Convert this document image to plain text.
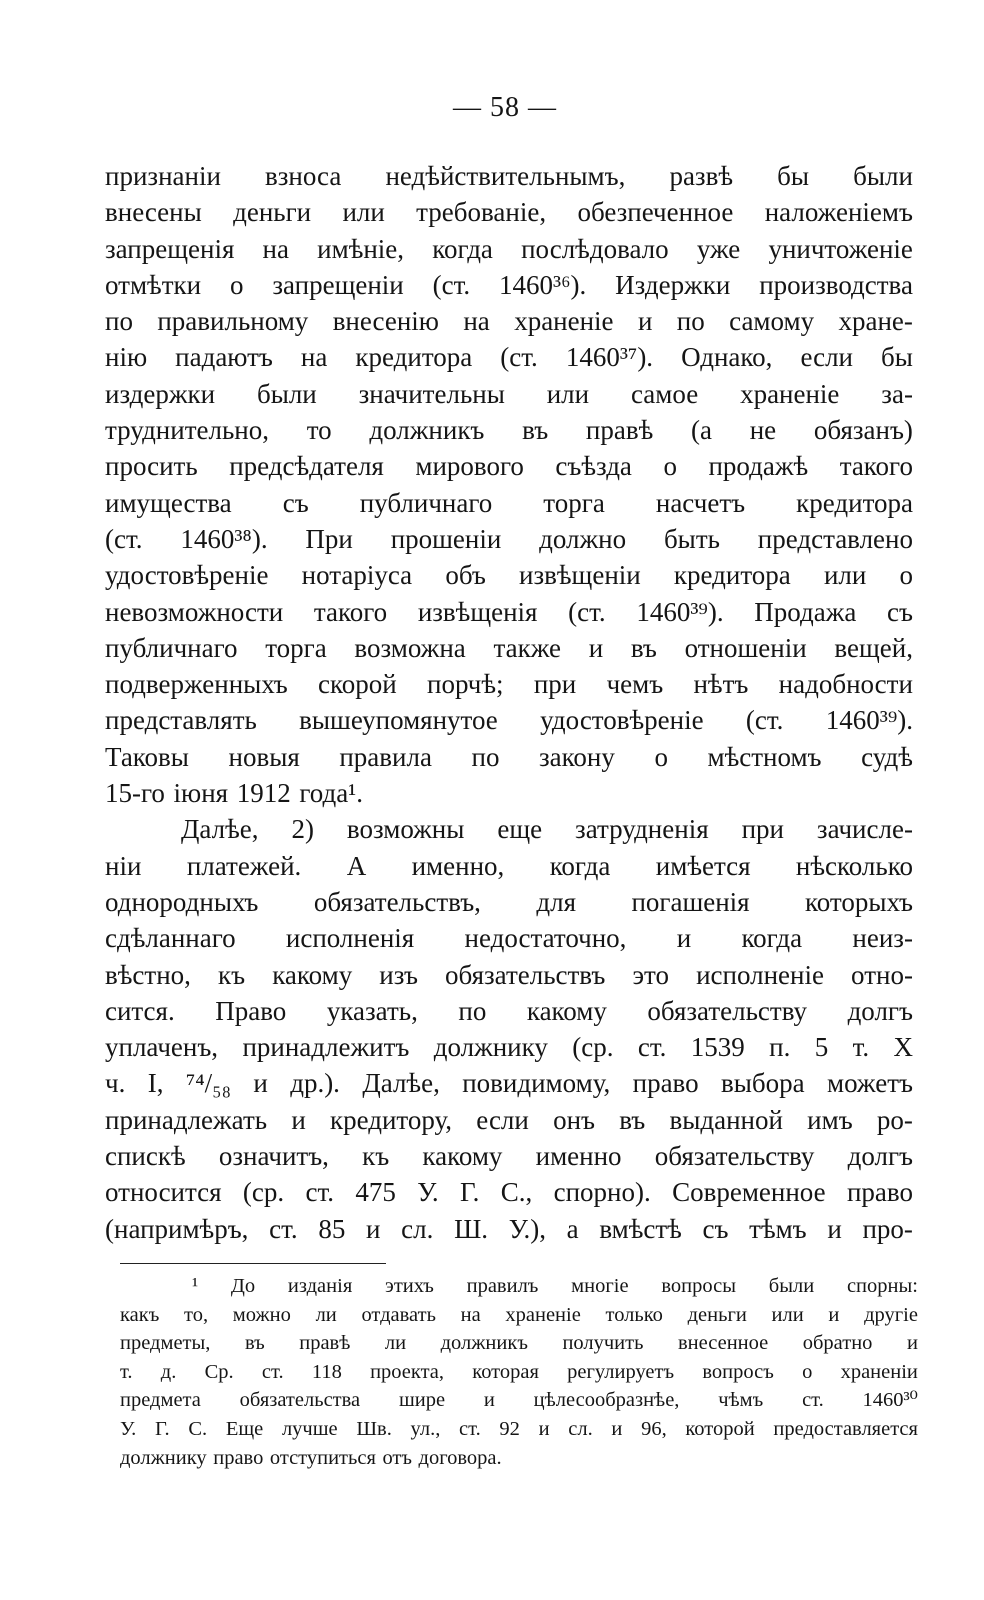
— 58 —
признаніи взноса недѣйствительнымъ, развѣ бы были
внесены деньги или требованіе, обезпеченное наложеніемъ
запрещенія на имѣніе, когда послѣдовало уже уничтоженіе
отмѣтки о запрещеніи (ст. 1460³⁶). Издержки производства
по правильному внесенію на храненіе и по самому хране-
нію падаютъ на кредитора (ст. 1460³⁷). Однако, если бы
издержки были значительны или самое храненіе за-
труднительно, то должникъ въ правѣ (а не обязанъ)
просить предсѣдателя мирового съѣзда о продажѣ такого
имущества съ публичнаго торга насчетъ кредитора
(ст. 1460³⁸). При прошеніи должно быть представлено
удостовѣреніе нотаріуса объ извѣщеніи кредитора или о
невозможности такого извѣщенія (ст. 1460³⁹). Продажа съ
публичнаго торга возможна также и въ отношеніи вещей,
подверженныхъ скорой порчѣ; при чемъ нѣтъ надобности
представлять вышеупомянутое удостовѣреніе (ст. 1460³⁹).
Таковы новыя правила по закону о мѣстномъ судѣ
15-го іюня 1912 года¹.
Далѣе, 2) возможны еще затрудненія при зачисле-
ніи платежей. А именно, когда имѣется нѣсколько
однородныхъ обязательствъ, для погашенія которыхъ
сдѣланнаго исполненія недостаточно, и когда неиз-
вѣстно, къ какому изъ обязательствъ это исполненіе отно-
сится. Право указать, по какому обязательству долгъ
уплаченъ, принадлежитъ должнику (ср. ст. 1539 п. 5 т. X
ч. I, ⁷⁴/₅₈ и др.). Далѣе, повидимому, право выбора можетъ
принадлежать и кредитору, если онъ въ выданной имъ ро-
спискѣ означитъ, къ какому именно обязательству долгъ
относится (ср. ст. 475 У. Г. С., спорно). Современное право
(напримѣръ, ст. 85 и сл. Ш. У.), а вмѣстѣ съ тѣмъ и про-
¹ До изданія этихъ правилъ многіе вопросы были спорны:
какъ то, можно ли отдавать на храненіе только деньги или и другіе
предметы, въ правѣ ли должникъ получить внесенное обратно и
т. д. Ср. ст. 118 проекта, которая регулируетъ вопросъ о храненіи
предмета обязательства шире и цѣлесообразнѣе, чѣмъ ст. 1460³⁰
У. Г. С. Еще лучше Шв. ул., ст. 92 и сл. и 96, которой предоставляется
должнику право отступиться отъ договора.
